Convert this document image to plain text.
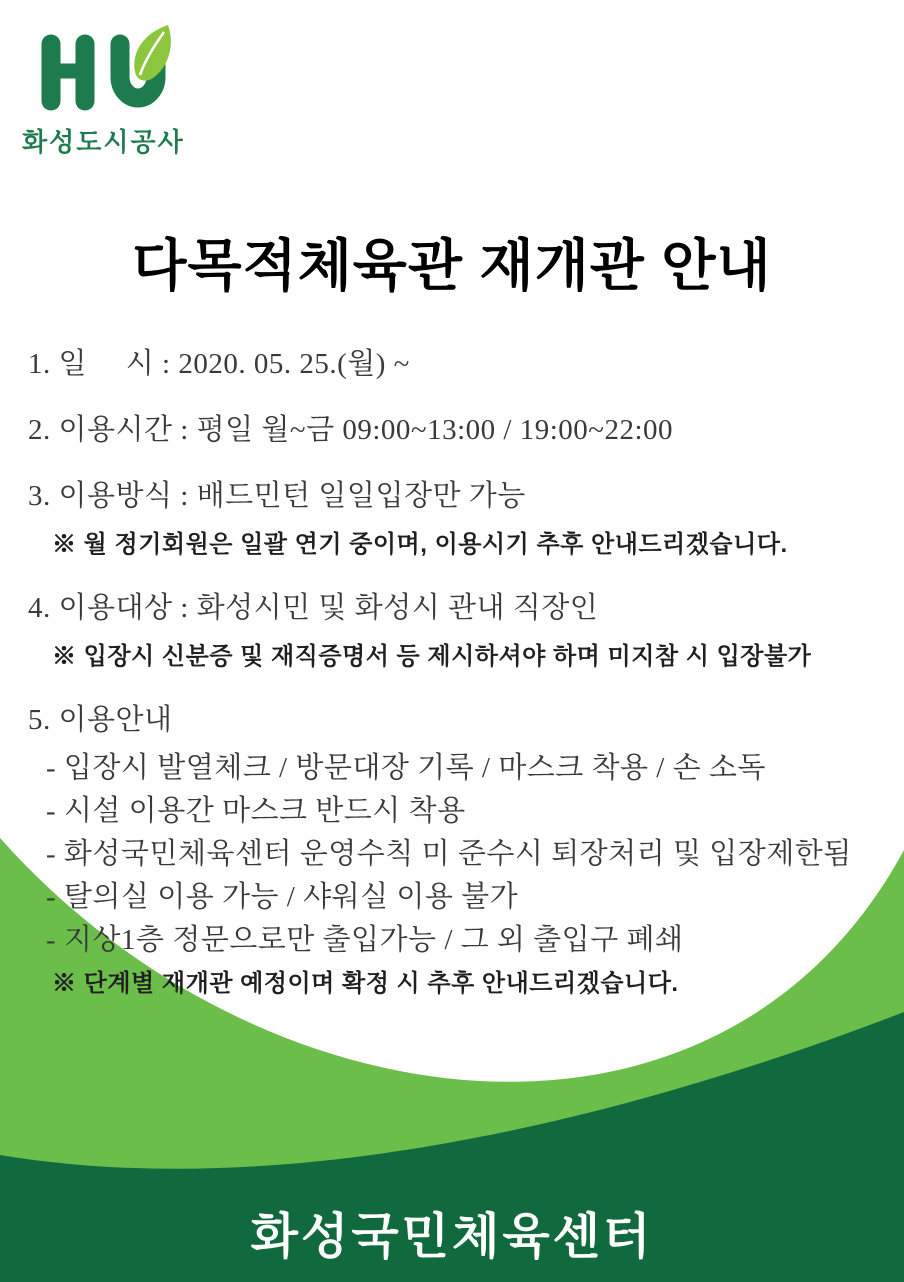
화성도시공사
다목적체육관 재개관 안내
1. 일     시 : 2020. 05. 25.(월) ~
2. 이용시간 : 평일 월~금 09:00~13:00 / 19:00~22:00
3. 이용방식 : 배드민턴 일일입장만 가능
※ 월 정기회원은 일괄 연기 중이며, 이용시기 추후 안내드리겠습니다.
4. 이용대상 : 화성시민 및 화성시 관내 직장인
※ 입장시 신분증 및 재직증명서 등 제시하셔야 하며 미지참 시 입장불가
5. 이용안내
- 입장시 발열체크 / 방문대장 기록 / 마스크 착용 / 손 소독
- 시설 이용간 마스크 반드시 착용
- 화성국민체육센터 운영수칙 미 준수시 퇴장처리 및 입장제한됨
- 탈의실 이용 가능 / 샤워실 이용 불가
- 지상1층 정문으로만 출입가능 / 그 외 출입구 폐쇄
※ 단계별 재개관 예정이며 확정 시 추후 안내드리겠습니다.
화성국민체육센터
